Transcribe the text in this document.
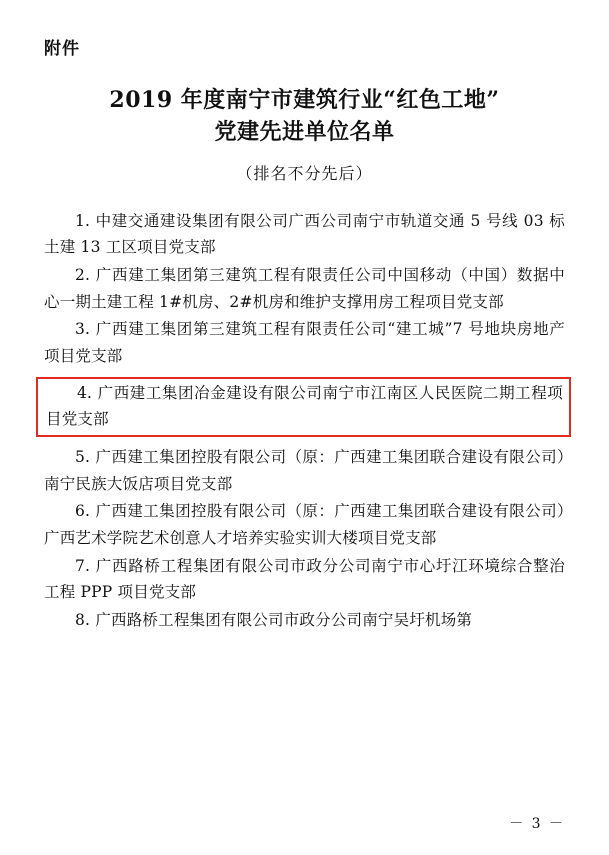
附件
2019 年度南宁市建筑行业“红色工地”
党建先进单位名单
（排名不分先后）

1. 中建交通建设集团有限公司广西公司南宁市轨道交通 5 号线 03 标土建 13 工区项目党支部

2. 广西建工集团第三建筑工程有限责任公司中国移动（中国）数据中心一期土建工程 1#机房、2#机房和维护支撑用房工程项目党支部

3. 广西建工集团第三建筑工程有限责任公司“建工城”7 号地块房地产项目党支部

4. 广西建工集团冶金建设有限公司南宁市江南区人民医院二期工程项目党支部

5. 广西建工集团控股有限公司（原：广西建工集团联合建设有限公司）南宁民族大饭店项目党支部

6. 广西建工集团控股有限公司（原：广西建工集团联合建设有限公司）广西艺术学院艺术创意人才培养实验实训大楼项目党支部

7. 广西路桥工程集团有限公司市政分公司南宁市心圩江环境综合整治工程 PPP 项目党支部

8. 广西路桥工程集团有限公司市政分公司南宁吴圩机场第

－ 3 －
